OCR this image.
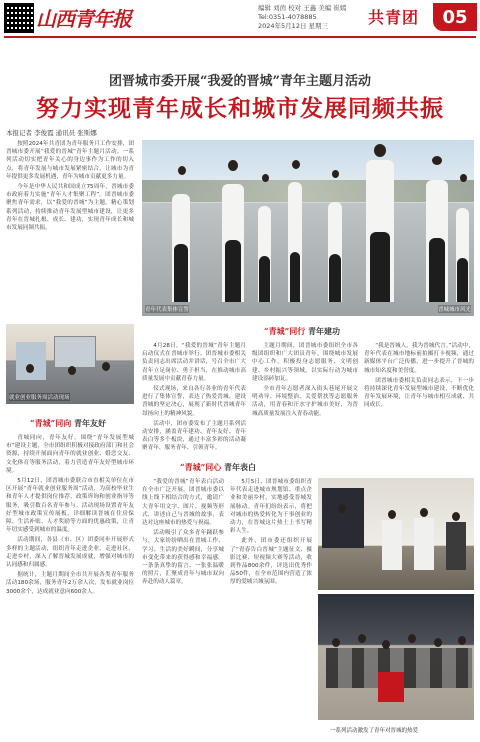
山西青年报	编辑 刘茵 校对 王鑫 美编 崔嫣
Tel:0351-4078885
2024年5月12日 星期三	共青团	05
团晋城市委开展“我爱的晋城”青年主题月活动
努力实现青年成长和城市发展同频共振
本报记者 李俊霞 通讯员 张斯娜

按照2024年共青团为青年服务月工作安排，团晋城市委开展“我爱的晋城”青年主题月活动。一系列活动切实把青年关心的身边事作为工作的切入点，将青年发展与城市发展紧密结合，让城市为青年提供更多发展机遇，青年为城市贡献更多力量。

今年是中华人民共和国成立75周年，晋城市委市政府着力实施“青年人才集聚工程”。团晋城市委聚焦青年需求，以“我爱的晋城”为主题，精心策划系列活动，持续推动青年发展型城市建设，让更多青年在晋城扎根、成长、建功，实现青年成长和城市发展同频共振。

青年代表集体宣誓	晋城城市风光
就业创业服务周活动现场
“青城”同向 青年友好

青城同向，青年友好。围绕“青年发展型城市”建设主题，全市团组织积极对接政府部门和社会资源，持续开展面向青年的就业创业、婚恋交友、文化体育等服务活动，着力营造青年友好型城市环境。

5月12日，团晋城市委联合市直相关单位在市区开展“青年就业创业服务周”活动，为高校毕业生和青年人才提供岗位推荐、政策咨询和创业指导等服务，吸引数百名青年参与。活动现场设置青年友好型城市政策宣传展板，详细解读晋城在住房保障、生活补贴、人才奖励等方面的优惠政策，让青年切实感受到城市的温度。

活动期间，各县（市、区）团委同步开展形式多样的主题活动，组织青年走进企业、走进社区、走进乡村，深入了解晋城发展成就，增强对城市的认同感和归属感。

据统计，主题月期间全市共开展各类青年服务活动180余场，服务青年2万余人次，发布就业岗位3000余个，达成就业意向600余人。

“青城”同行 青年建功

4月28日，“我爱的晋城”青年主题月启动仪式在晋城市举行。团晋城市委相关负责同志出席活动并讲话，号召全市广大青年立足岗位、勇于担当，在推动城市高质量发展中贡献青春力量。

仪式现场，来自各行各业的青年代表进行了集体宣誓，表达了热爱晋城、建设晋城的坚定决心，展现了新时代晋城青年昂扬向上的精神风貌。

活动中，团市委发布了主题月系列活动安排，涵盖青年建功、青年友好、青年表白等多个板块，通过丰富多彩的活动凝聚青年、服务青年、引领青年。

主题月期间，团晋城市委组织全市各级团组织和广大团员青年，围绕城市发展中心工作，积极投身志愿服务、文明创建、乡村振兴等领域，以实际行动为城市建设添砖加瓦。

全市青年志愿者深入街头巷尾开展文明劝导、环境整治、关爱帮扶等志愿服务活动，用青春和汗水守护城市美好，为晋城高质量发展注入青春动能。

“我是晋城人，我为晋城代言。”活动中，青年代表在城市地标前拍摄打卡视频，通过新媒体平台广泛传播，进一步提升了晋城的城市知名度和美誉度。

团晋城市委相关负责同志表示，下一步将持续深化青年发展型城市建设，不断优化青年发展环境，让青年与城市相互成就、共同成长。

“青城”同心 青年表白

“我爱的晋城”青年表白活动在全市广泛开展。团晋城市委以线上线下相结合的方式，邀请广大青年用文字、图片、视频等形式，讲述自己与晋城的故事，表达对这座城市的热爱与祝福。

活动吸引了众多青年踊跃参与，大家纷纷晒出在晋城工作、学习、生活的美好瞬间，分享城市变化带来的获得感和幸福感。一条条真挚的留言、一张张温暖的照片，汇聚成青年与城市双向奔赴的动人篇章。

5月5日，团晋城市委组织青年代表走进城市规划馆、重点企业和美丽乡村，实地感受晋城发展脉动。青年们纷纷表示，将把对城市的热爱转化为干事创业的动力，在晋城这片热土上书写精彩人生。

此外，团市委还组织开展了“青春告白晋城”主题征文、摄影比赛、短视频大赛等活动，收到作品800余件，评选出优秀作品50件，在全市范围内营造了浓厚的爱城兴城氛围。

一系列活动激发了青年对晋城的热爱
